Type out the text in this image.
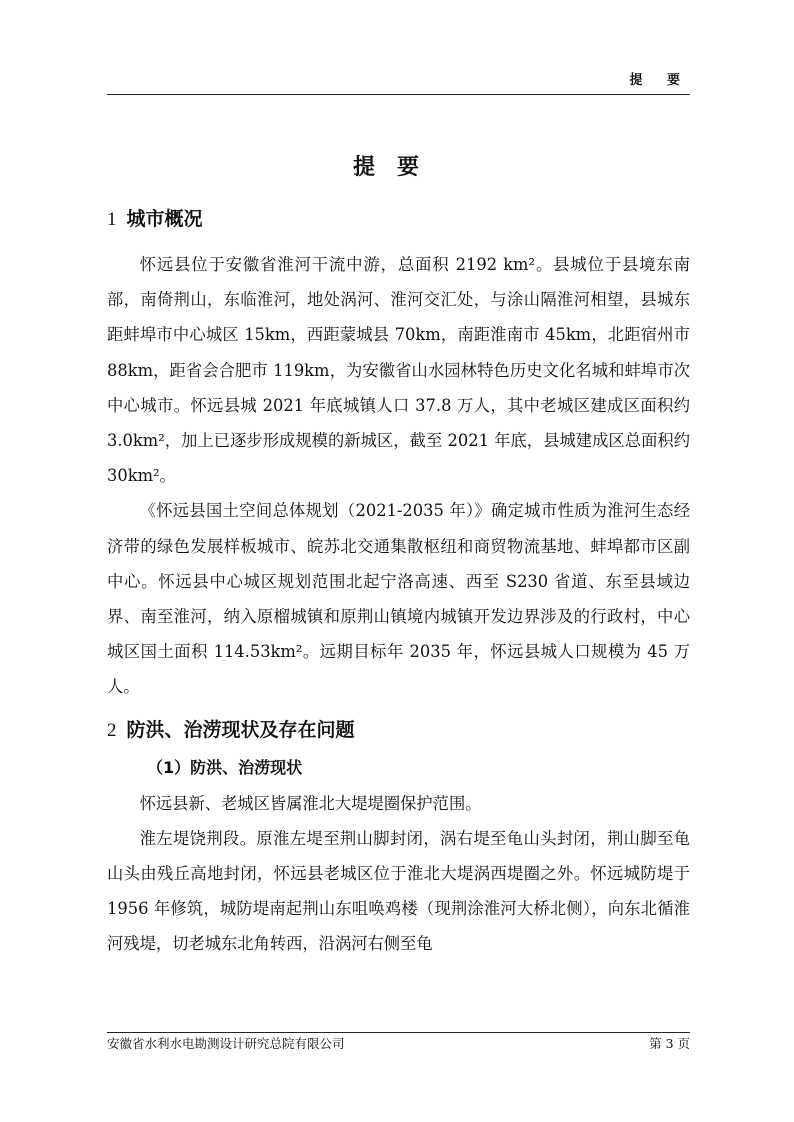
提 要
提要
1 城市概况

怀远县位于安徽省淮河干流中游，总面积 2192 km²。县城位于县境东南部，南倚荆山，东临淮河，地处涡河、淮河交汇处，与涂山隔淮河相望，县城东距蚌埠市中心城区 15km，西距蒙城县 70km，南距淮南市 45km，北距宿州市 88km，距省会合肥市 119km，为安徽省山水园林特色历史文化名城和蚌埠市次中心城市。怀远县城 2021 年底城镇人口 37.8 万人，其中老城区建成区面积约 3.0km²，加上已逐步形成规模的新城区，截至 2021 年底，县城建成区总面积约 30km²。

《怀远县国土空间总体规划（2021-2035 年）》确定城市性质为淮河生态经济带的绿色发展样板城市、皖苏北交通集散枢纽和商贸物流基地、蚌埠都市区副中心。怀远县中心城区规划范围北起宁洛高速、西至 S230 省道、东至县域边界、南至淮河，纳入原榴城镇和原荆山镇境内城镇开发边界涉及的行政村，中心城区国土面积 114.53km²。远期目标年 2035 年，怀远县城人口规模为 45 万人。

2 防洪、治涝现状及存在问题
（1）防洪、治涝现状

怀远县新、老城区皆属淮北大堤堤圈保护范围。

淮左堤饶荆段。原淮左堤至荆山脚封闭，涡右堤至龟山头封闭，荆山脚至龟山头由残丘高地封闭，怀远县老城区位于淮北大堤涡西堤圈之外。怀远城防堤于 1956 年修筑，城防堤南起荆山东咀唤鸡楼（现荆涂淮河大桥北侧），向东北循淮河残堤，切老城东北角转西，沿涡河右侧至龟

安徽省水利水电勘测设计研究总院有限公司	第 3 页
